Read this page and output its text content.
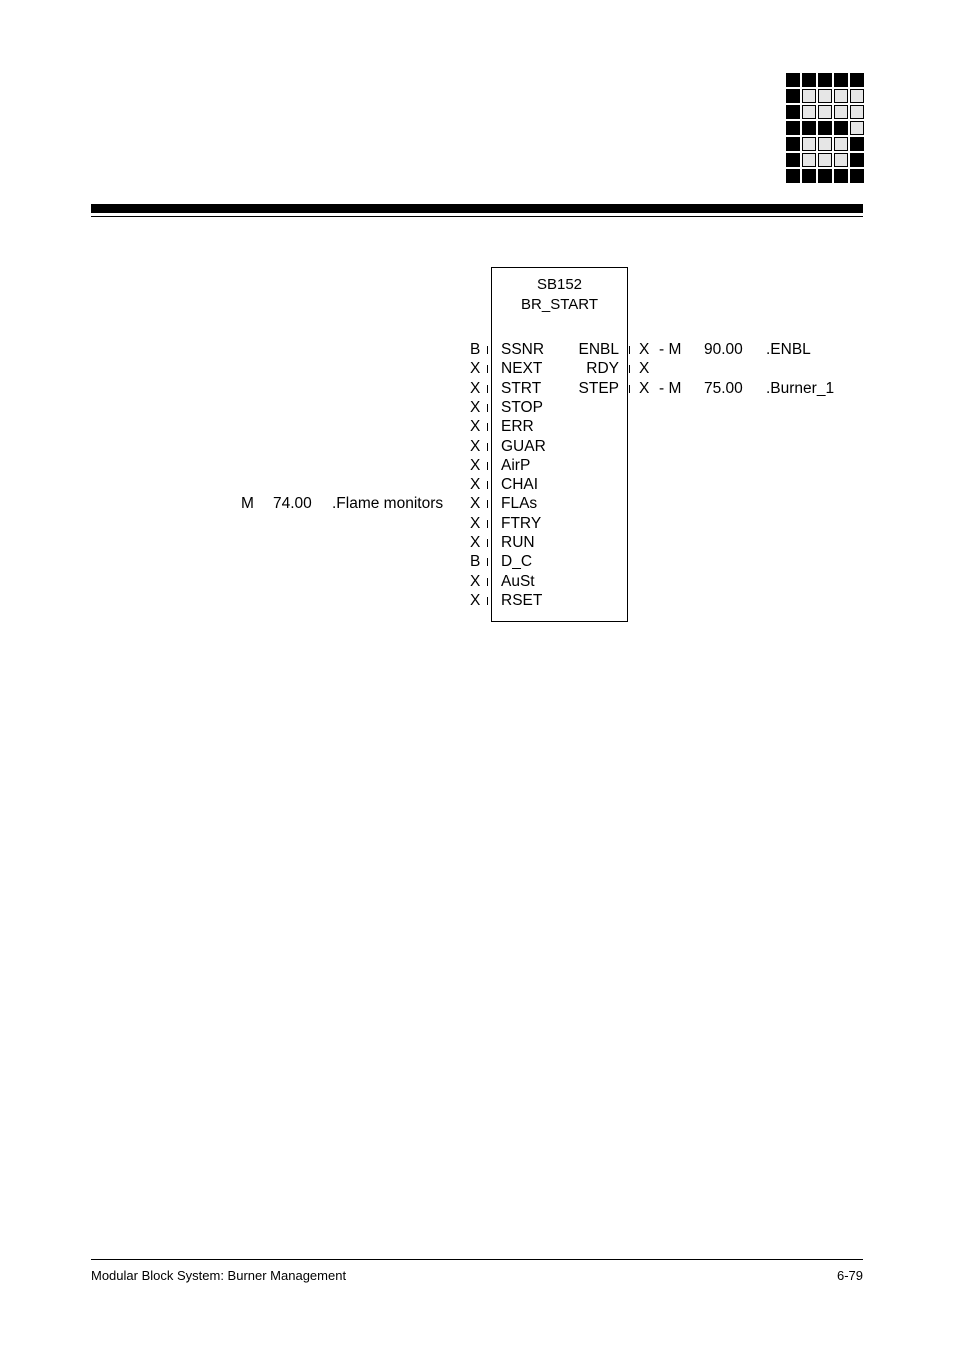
SB152
BR_START
B SSNR
X NEXT
X STRT
X STOP
X ERR
X GUAR
X AirP
X CHAI
X FLAs
X FTRY
X RUN
B D_C
X AuSt
X RSET
ENBL X - M 90.00 .ENBL
RDY X
STEP X - M 75.00 .Burner_1
M 74.00 .Flame monitors
Modular Block System: Burner Management	6-79
